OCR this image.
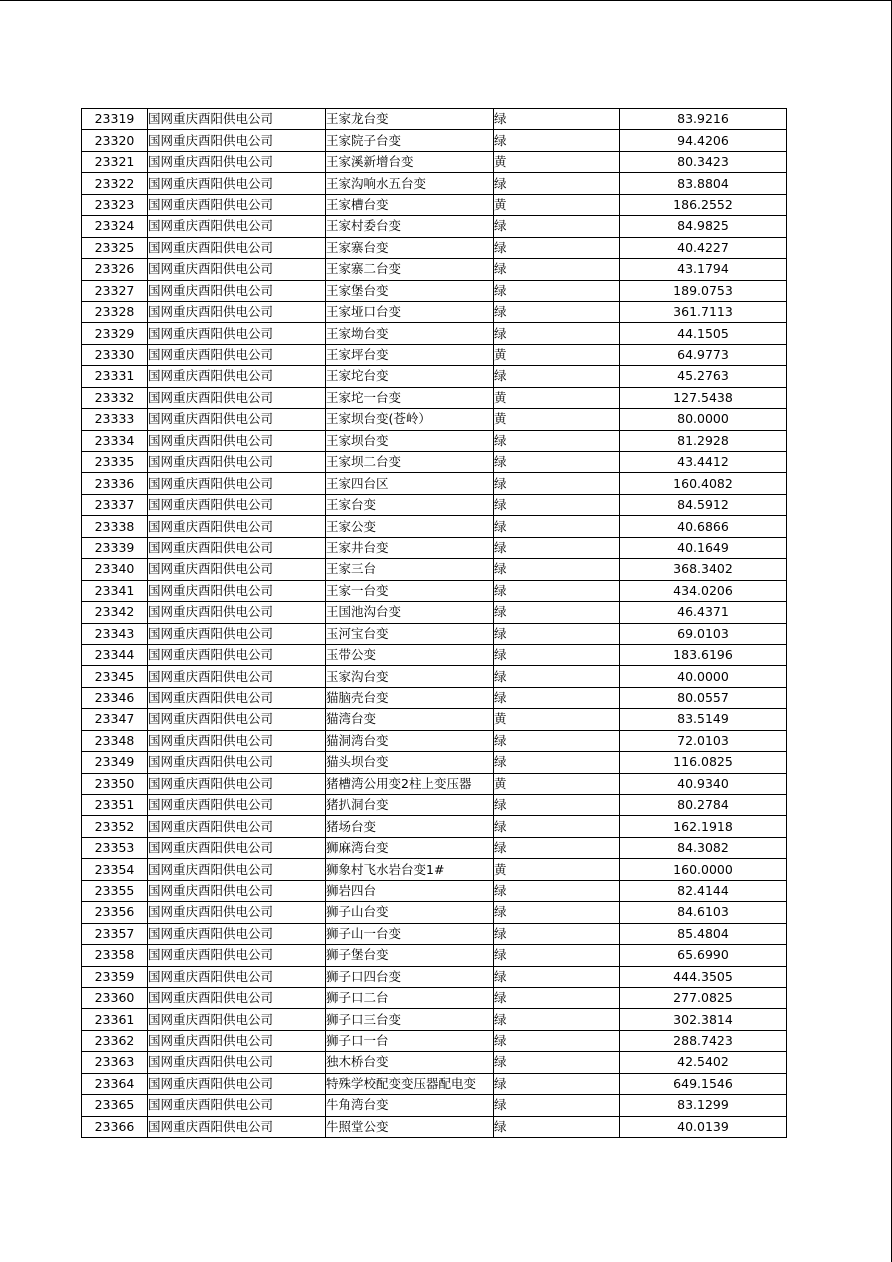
23319	国网重庆酉阳供电公司	王家龙台变	绿	83.9216
23320	国网重庆酉阳供电公司	王家院子台变	绿	94.4206
23321	国网重庆酉阳供电公司	王家溪新增台变	黄	80.3423
23322	国网重庆酉阳供电公司	王家沟响水五台变	绿	83.8804
23323	国网重庆酉阳供电公司	王家槽台变	黄	186.2552
23324	国网重庆酉阳供电公司	王家村委台变	绿	84.9825
23325	国网重庆酉阳供电公司	王家寨台变	绿	40.4227
23326	国网重庆酉阳供电公司	王家寨二台变	绿	43.1794
23327	国网重庆酉阳供电公司	王家堡台变	绿	189.0753
23328	国网重庆酉阳供电公司	王家垭口台变	绿	361.7113
23329	国网重庆酉阳供电公司	王家坳台变	绿	44.1505
23330	国网重庆酉阳供电公司	王家坪台变	黄	64.9773
23331	国网重庆酉阳供电公司	王家坨台变	绿	45.2763
23332	国网重庆酉阳供电公司	王家坨一台变	黄	127.5438
23333	国网重庆酉阳供电公司	王家坝台变(苍岭）	黄	80.0000
23334	国网重庆酉阳供电公司	王家坝台变	绿	81.2928
23335	国网重庆酉阳供电公司	王家坝二台变	绿	43.4412
23336	国网重庆酉阳供电公司	王家四台区	绿	160.4082
23337	国网重庆酉阳供电公司	王家台变	绿	84.5912
23338	国网重庆酉阳供电公司	王家公变	绿	40.6866
23339	国网重庆酉阳供电公司	王家井台变	绿	40.1649
23340	国网重庆酉阳供电公司	王家三台	绿	368.3402
23341	国网重庆酉阳供电公司	王家一台变	绿	434.0206
23342	国网重庆酉阳供电公司	王国池沟台变	绿	46.4371
23343	国网重庆酉阳供电公司	玉河宝台变	绿	69.0103
23344	国网重庆酉阳供电公司	玉带公变	绿	183.6196
23345	国网重庆酉阳供电公司	玉家沟台变	绿	40.0000
23346	国网重庆酉阳供电公司	猫脑壳台变	绿	80.0557
23347	国网重庆酉阳供电公司	猫湾台变	黄	83.5149
23348	国网重庆酉阳供电公司	猫洞湾台变	绿	72.0103
23349	国网重庆酉阳供电公司	猫头坝台变	绿	116.0825
23350	国网重庆酉阳供电公司	猪槽湾公用变2柱上变压器	黄	40.9340
23351	国网重庆酉阳供电公司	猪扒洞台变	绿	80.2784
23352	国网重庆酉阳供电公司	猪场台变	绿	162.1918
23353	国网重庆酉阳供电公司	狮麻湾台变	绿	84.3082
23354	国网重庆酉阳供电公司	狮象村飞水岩台变1#	黄	160.0000
23355	国网重庆酉阳供电公司	狮岩四台	绿	82.4144
23356	国网重庆酉阳供电公司	狮子山台变	绿	84.6103
23357	国网重庆酉阳供电公司	狮子山一台变	绿	85.4804
23358	国网重庆酉阳供电公司	狮子堡台变	绿	65.6990
23359	国网重庆酉阳供电公司	狮子口四台变	绿	444.3505
23360	国网重庆酉阳供电公司	狮子口二台	绿	277.0825
23361	国网重庆酉阳供电公司	狮子口三台变	绿	302.3814
23362	国网重庆酉阳供电公司	狮子口一台	绿	288.7423
23363	国网重庆酉阳供电公司	独木桥台变	绿	42.5402
23364	国网重庆酉阳供电公司	特殊学校配变变压器配电变	绿	649.1546
23365	国网重庆酉阳供电公司	牛角湾台变	绿	83.1299
23366	国网重庆酉阳供电公司	牛照堂公变	绿	40.0139
